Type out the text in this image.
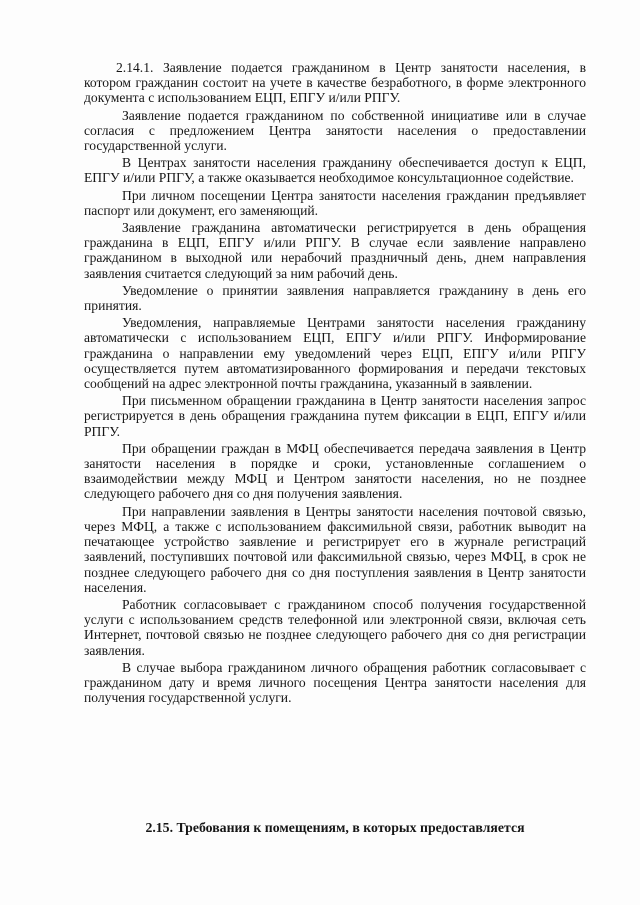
2.14.1. Заявление подается гражданином в Центр занятости населения, в котором гражданин состоит на учете в качестве безработного, в форме электронного документа с использованием ЕЦП, ЕПГУ и/или РПГУ.

Заявление подается гражданином по собственной инициативе или в случае согласия с предложением Центра занятости населения о предоставлении государственной услуги.

В Центрах занятости населения гражданину обеспечивается доступ к ЕЦП, ЕПГУ и/или РПГУ, а также оказывается необходимое консультационное содействие.

При личном посещении Центра занятости населения гражданин предъявляет паспорт или документ, его заменяющий.

Заявление гражданина автоматически регистрируется в день обращения гражданина в ЕЦП, ЕПГУ и/или РПГУ. В случае если заявление направлено гражданином в выходной или нерабочий праздничный день, днем направления заявления считается следующий за ним рабочий день.

Уведомление о принятии заявления направляется гражданину в день его принятия.

Уведомления, направляемые Центрами занятости населения гражданину автоматически с использованием ЕЦП, ЕПГУ и/или РПГУ. Информирование гражданина о направлении ему уведомлений через ЕЦП, ЕПГУ и/или РПГУ осуществляется путем автоматизированного формирования и передачи текстовых сообщений на адрес электронной почты гражданина, указанный в заявлении.

При письменном обращении гражданина в Центр занятости населения запрос регистрируется в день обращения гражданина путем фиксации в ЕЦП, ЕПГУ и/или РПГУ.

При обращении граждан в МФЦ обеспечивается передача заявления в Центр занятости населения в порядке и сроки, установленные соглашением о взаимодействии между МФЦ и Центром занятости населения, но не позднее следующего рабочего дня со дня получения заявления.

При направлении заявления в Центры занятости населения почтовой связью, через МФЦ, а также с использованием факсимильной связи, работник выводит на печатающее устройство заявление и регистрирует его в журнале регистраций заявлений, поступивших почтовой или факсимильной связью, через МФЦ, в срок не позднее следующего рабочего дня со дня поступления заявления в Центр занятости населения.

Работник согласовывает с гражданином способ получения государственной услуги с использованием средств телефонной или электронной связи, включая сеть Интернет, почтовой связью не позднее следующего рабочего дня со дня регистрации заявления.

В случае выбора гражданином личного обращения работник согласовывает с гражданином дату и время личного посещения Центра занятости населения для получения государственной услуги.

2.15. Требования к помещениям, в которых предоставляется
